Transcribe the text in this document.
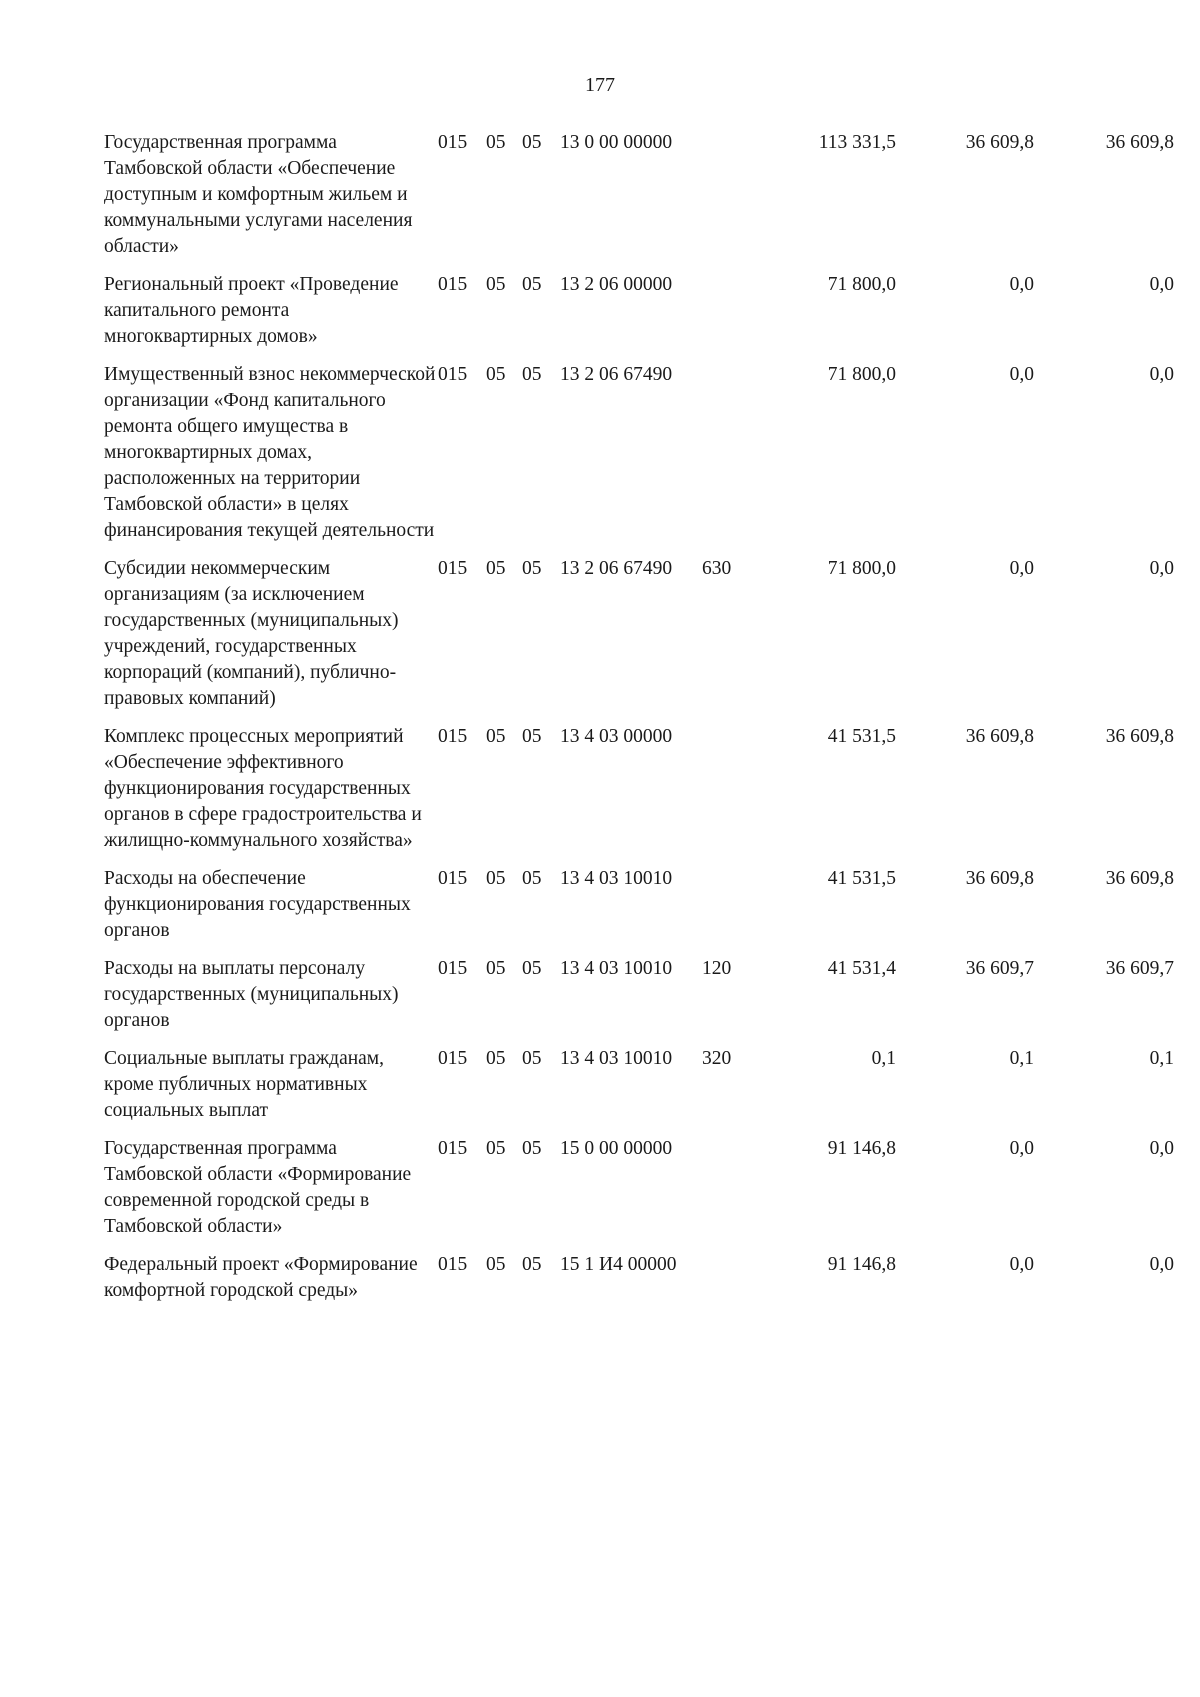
177
Государственная программа Тамбовской области «Обеспечение доступным и комфортным жильем и коммунальными услугами населения области»	015	05	05	13 0 00 00000		113 331,5	36 609,8	36 609,8
Региональный проект «Проведение капитального ремонта многоквартирных домов»	015	05	05	13 2 06 00000		71 800,0	0,0	0,0
Имущественный взнос некоммерческой организации «Фонд капитального ремонта общего имущества в многоквартирных домах, расположенных на территории Тамбовской области» в целях финансирования текущей деятельности	015	05	05	13 2 06 67490		71 800,0	0,0	0,0
Субсидии некоммерческим организациям (за исключением государственных (муниципальных) учреждений, государственных корпораций (компаний), публично-правовых компаний)	015	05	05	13 2 06 67490	630	71 800,0	0,0	0,0
Комплекс процессных мероприятий «Обеспечение эффективного функционирования государственных органов в сфере градостроительства и жилищно-коммунального хозяйства»	015	05	05	13 4 03 00000		41 531,5	36 609,8	36 609,8
Расходы на обеспечение функционирования государственных органов	015	05	05	13 4 03 10010		41 531,5	36 609,8	36 609,8
Расходы на выплаты персоналу государственных (муниципальных) органов	015	05	05	13 4 03 10010	120	41 531,4	36 609,7	36 609,7
Социальные выплаты гражданам, кроме публичных нормативных социальных выплат	015	05	05	13 4 03 10010	320	0,1	0,1	0,1
Государственная программа Тамбовской области «Формирование современной городской среды в Тамбовской области»	015	05	05	15 0 00 00000		91 146,8	0,0	0,0
Федеральный проект «Формирование комфортной городской среды»	015	05	05	15 1 И4 00000		91 146,8	0,0	0,0
